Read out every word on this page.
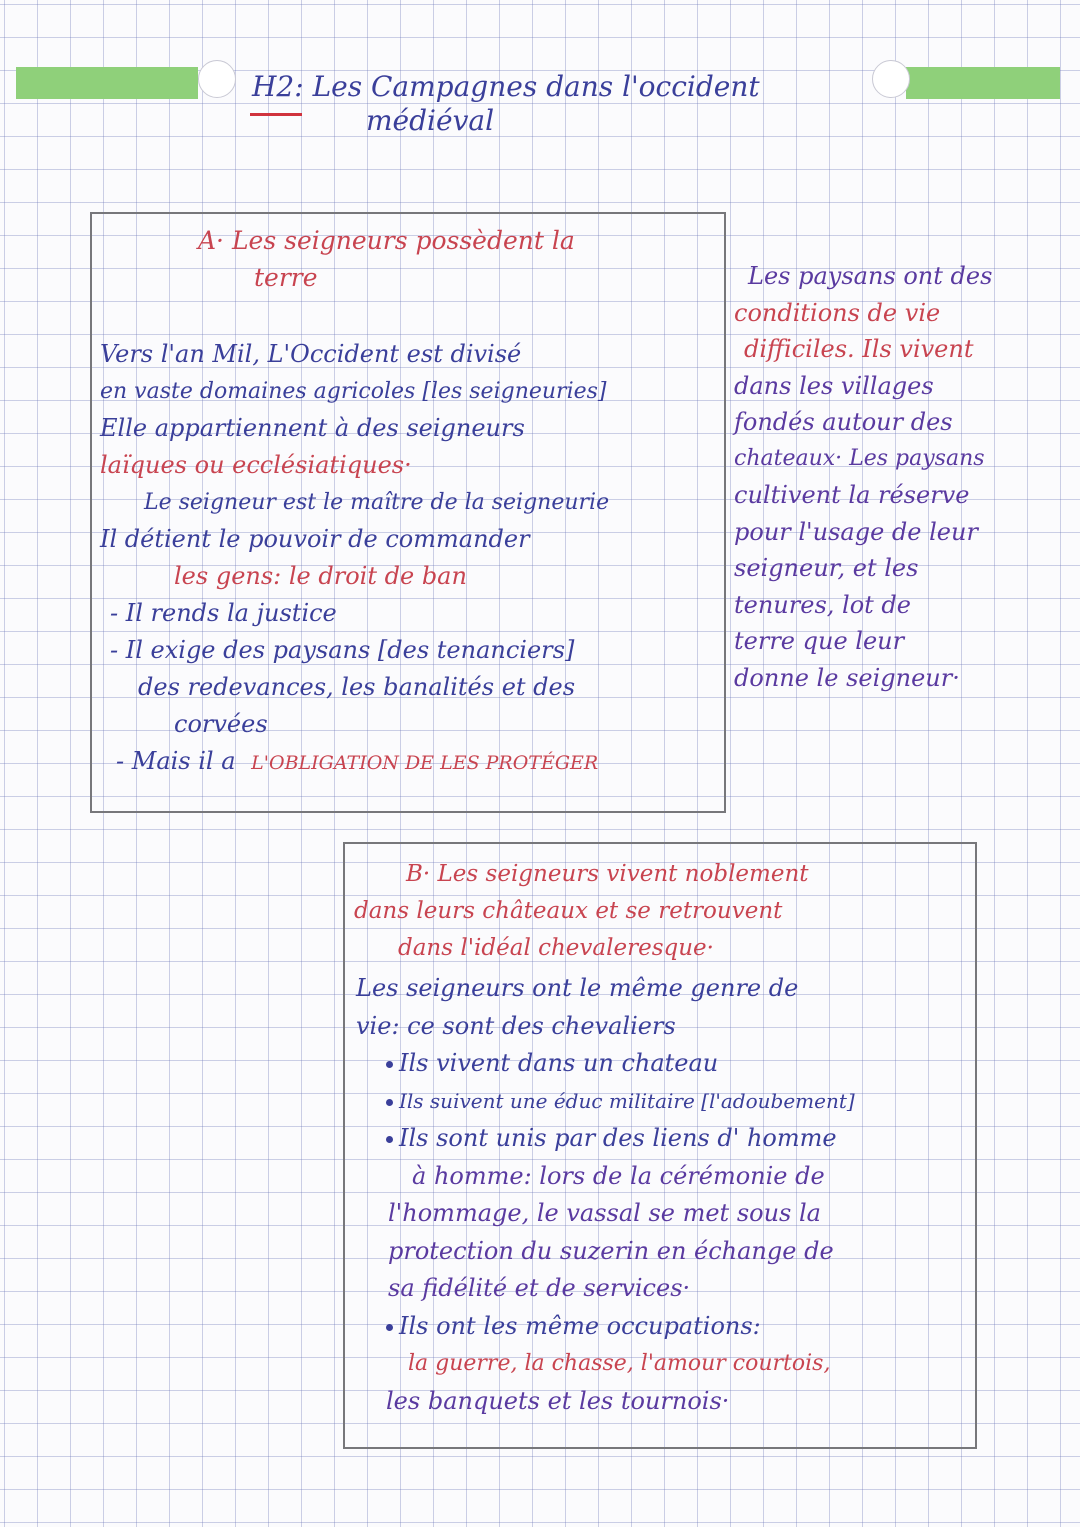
H2: Les Campagnes dans l'occident
médiéval
A· Les seigneurs possèdent la
terre
Vers l'an Mil, L'Occident est divisé
en vaste domaines agricoles [les seigneuries]
Elle appartiennent à des seigneurs
laïques ou ecclésiatiques·
Le seigneur est le maître de la seigneurie
Il détient le pouvoir de commander
les gens: le droit de ban
- Il rends la justice
- Il exige des paysans [des tenanciers]
des redevances, les banalités et des
corvées
- Mais il a L'OBLIGATION DE LES PROTÉGER
Les paysans ont des
conditions de vie
difficiles. Ils vivent
dans les villages
fondés autour des
chateaux· Les paysans
cultivent la réserve
pour l'usage de leur
seigneur, et les
tenures, lot de
terre que leur
donne le seigneur·
B· Les seigneurs vivent noblement
dans leurs châteaux et se retrouvent
dans l'idéal chevaleresque·
Les seigneurs ont le même genre de
vie: ce sont des chevaliers
Ils vivent dans un chateau
Ils suivent une éduc militaire [l'adoubement]
Ils sont unis par des liens d' homme
à homme: lors de la cérémonie de
l'hommage, le vassal se met sous la
protection du suzerin en échange de
sa fidélité et de services·
Ils ont les même occupations:
la guerre, la chasse, l'amour courtois,
les banquets et les tournois·
